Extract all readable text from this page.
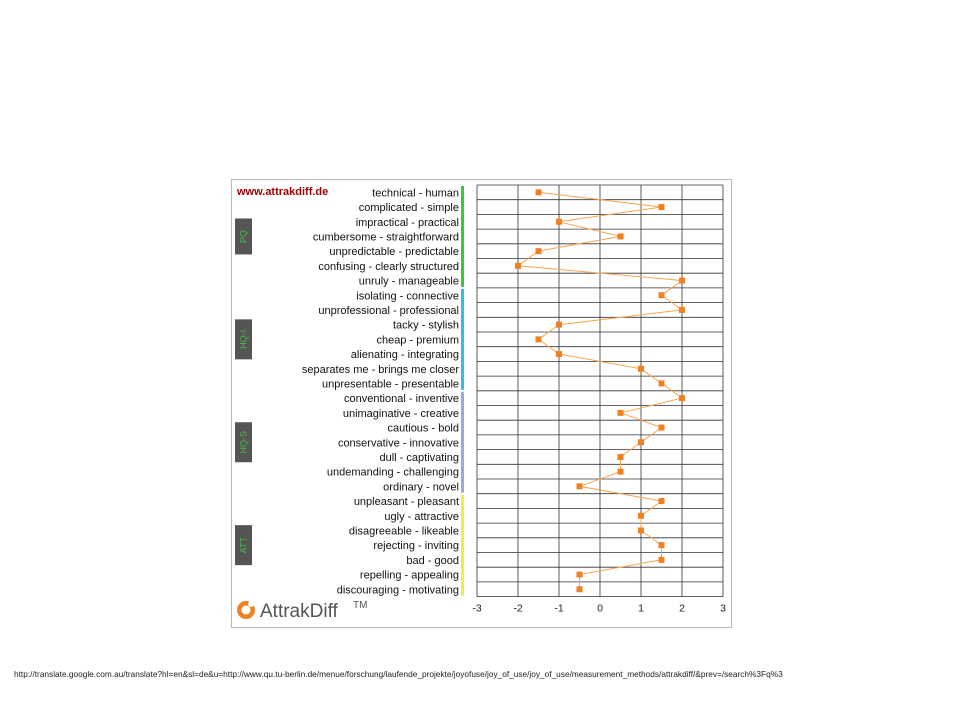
PQ
HQ-I
HQ-S
ATT
technical - human
complicated - simple
impractical - practical
cumbersome - straightforward
unpredictable - predictable
confusing - clearly structured
unruly - manageable
isolating - connective
unprofessional - professional
tacky - stylish
cheap - premium
alienating - integrating
separates me - brings me closer
unpresentable - presentable
conventional - inventive
unimaginative - creative
cautious - bold
conservative - innovative
dull - captivating
undemanding - challenging
ordinary - novel
unpleasant - pleasant
ugly - attractive
disagreeable - likeable
rejecting - inviting
bad - good
repelling - appealing
discouraging - motivating
-3	-2	-1	0	1	2	3
www.attrakdiff.de
AttrakDiff TM
http://translate.google.com.au/translate?hl=en&sl=de&u=http://www.qu.tu-berlin.de/menue/forschung/laufende_projekte/joyofuse/joy_of_use/joy_of_use/measurement_methods/attrakdiff/&prev=/search%3Fq%3
